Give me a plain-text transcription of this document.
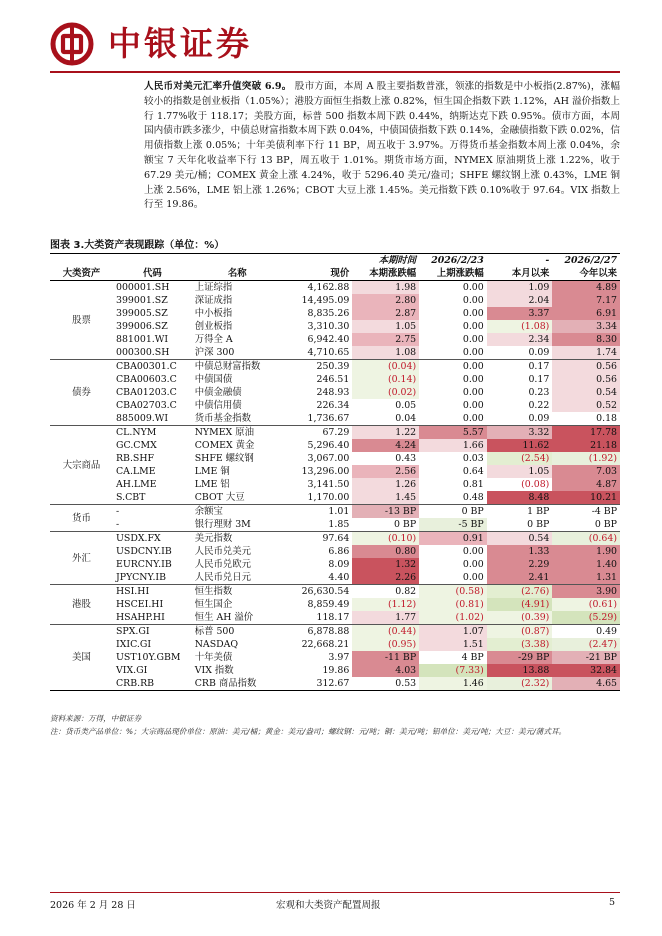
中银证券
人民币对美元汇率升值突破 6.9。 股市方面，本周 A 股主要指数普涨，领涨的指数是中小板指(2.87%)，涨幅较小的指数是创业板指（1.05%）；港股方面恒生指数上涨 0.82%，恒生国企指数下跌 1.12%，AH 溢价指数上行 1.77%收于 118.17；美股方面，标普 500 指数本周下跌 0.44%，纳斯达克下跌 0.95%。债市方面，本周国内债市跌多涨少，中债总财富指数本周下跌 0.04%，中债国债指数下跌 0.14%，金融债指数下跌 0.02%，信用债指数上涨 0.05%；十年美债利率下行 11 BP，周五收于 3.97%。万得货币基金指数本周上涨 0.04%，余额宝 7 天年化收益率下行 13 BP，周五收于 1.01%。期货市场方面，NYMEX 原油期货上涨 1.22%，收于 67.29 美元/桶；COMEX 黄金上涨 4.24%，收于 5296.40 美元/盎司；SHFE 螺纹钢上涨 0.43%，LME 铜上涨 2.56%，LME 铝上涨 1.26%；CBOT 大豆上涨 1.45%。美元指数下跌 0.10%收于 97.64。VIX 指数上行至 19.86。
图表 3.大类资产表现跟踪（单位：%）
				本期时间	2026/2/23	-	2026/2/27
大类资产	代码	名称	现价	本期涨跌幅	上期涨跌幅	本月以来	今年以来
股票	000001.SH	上证综指	4,162.88	1.98	0.00	1.09	4.89
	399001.SZ	深证成指	14,495.09	2.80	0.00	2.04	7.17
	399005.SZ	中小板指	8,835.26	2.87	0.00	3.37	6.91
	399006.SZ	创业板指	3,310.30	1.05	0.00	(1.08)	3.34
	881001.WI	万得全 A	6,942.40	2.75	0.00	2.34	8.30
	000300.SH	沪深 300	4,710.65	1.08	0.00	0.09	1.74
债券	CBA00301.C	中债总财富指数	250.39	(0.04)	0.00	0.17	0.56
	CBA00603.C	中债国债	246.51	(0.14)	0.00	0.17	0.56
	CBA01203.C	中债金融债	248.93	(0.02)	0.00	0.23	0.54
	CBA02703.C	中债信用债	226.34	0.05	0.00	0.22	0.52
	885009.WI	货币基金指数	1,736.67	0.04	0.00	0.09	0.18
大宗商品	CL.NYM	NYMEX 原油	67.29	1.22	5.57	3.32	17.78
	GC.CMX	COMEX 黄金	5,296.40	4.24	1.66	11.62	21.18
	RB.SHF	SHFE 螺纹钢	3,067.00	0.43	0.03	(2.54)	(1.92)
	CA.LME	LME 铜	13,296.00	2.56	0.64	1.05	7.03
	AH.LME	LME 铝	3,141.50	1.26	0.81	(0.08)	4.87
	S.CBT	CBOT 大豆	1,170.00	1.45	0.48	8.48	10.21
货币	-	余额宝	1.01	-13 BP	0 BP	1 BP	-4 BP
	-	银行理财 3M	1.85	0 BP	-5 BP	0 BP	0 BP
外汇	USDX.FX	美元指数	97.64	(0.10)	0.91	0.54	(0.64)
	USDCNY.IB	人民币兑美元	6.86	0.80	0.00	1.33	1.90
	EURCNY.IB	人民币兑欧元	8.09	1.32	0.00	2.29	1.40
	JPYCNY.IB	人民币兑日元	4.40	2.26	0.00	2.41	1.31
港股	HSI.HI	恒生指数	26,630.54	0.82	(0.58)	(2.76)	3.90
	HSCEI.HI	恒生国企	8,859.49	(1.12)	(0.81)	(4.91)	(0.61)
	HSAHP.HI	恒生 AH 溢价	118.17	1.77	(1.02)	(0.39)	(5.29)
美国	SPX.GI	标普 500	6,878.88	(0.44)	1.07	(0.87)	0.49
	IXIC.GI	NASDAQ	22,668.21	(0.95)	1.51	(3.38)	(2.47)
	UST10Y.GBM	十年美债	3.97	-11 BP	4 BP	-29 BP	-21 BP
	VIX.GI	VIX 指数	19.86	4.03	(7.33)	13.88	32.84
	CRB.RB	CRB 商品指数	312.67	0.53	1.46	(2.32)	4.65
资料来源：万得，中银证券
注：货币类产品单位：%；大宗商品现价单位：原油：美元/桶；黄金：美元/盎司；螺纹钢：元/吨；铜：美元/吨；铝单位：美元/吨；大豆：美元/蒲式耳。
2026 年 2 月 28 日	宏观和大类资产配置周报	5
